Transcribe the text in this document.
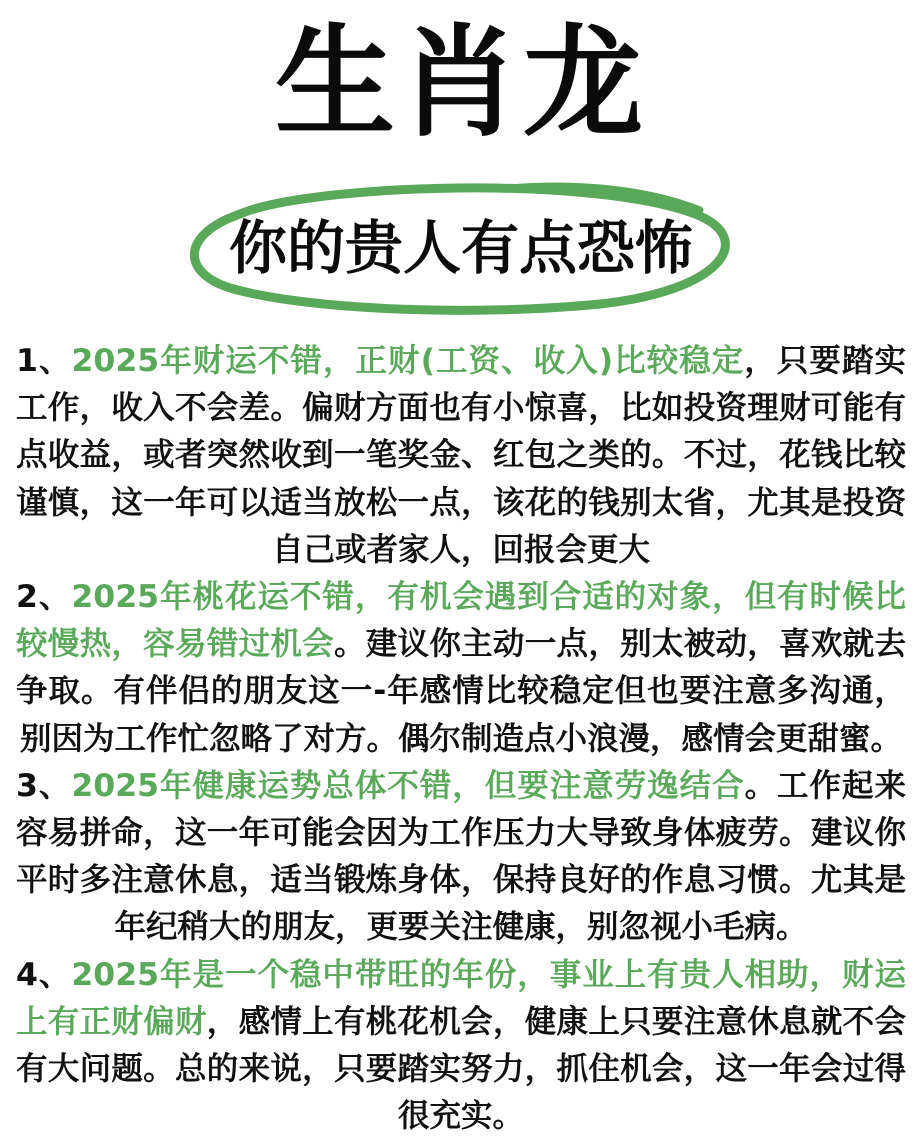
生肖龙
你的贵人有点恐怖

1、2025年财运不错，正财(工资、收入)比较稳定，只要踏实工作，收入不会差。偏财方面也有小惊喜，比如投资理财可能有点收益，或者突然收到一笔奖金、红包之类的。不过，花钱比较谨慎，这一年可以适当放松一点，该花的钱别太省，尤其是投资自己或者家人，回报会更大

2、2025年桃花运不错，有机会遇到合适的对象，但有时候比较慢热，容易错过机会。建议你主动一点，别太被动，喜欢就去争取。有伴侣的朋友这一-年感情比较稳定但也要注意多沟通，别因为工作忙忽略了对方。偶尔制造点小浪漫，感情会更甜蜜。

3、2025年健康运势总体不错，但要注意劳逸结合。工作起来容易拼命，这一年可能会因为工作压力大导致身体疲劳。建议你平时多注意休息，适当锻炼身体，保持良好的作息习惯。尤其是年纪稍大的朋友，更要关注健康，别忽视小毛病。

4、2025年是一个稳中带旺的年份，事业上有贵人相助，财运上有正财偏财，感情上有桃花机会，健康上只要注意休息就不会有大问题。总的来说，只要踏实努力，抓住机会，这一年会过得很充实。
